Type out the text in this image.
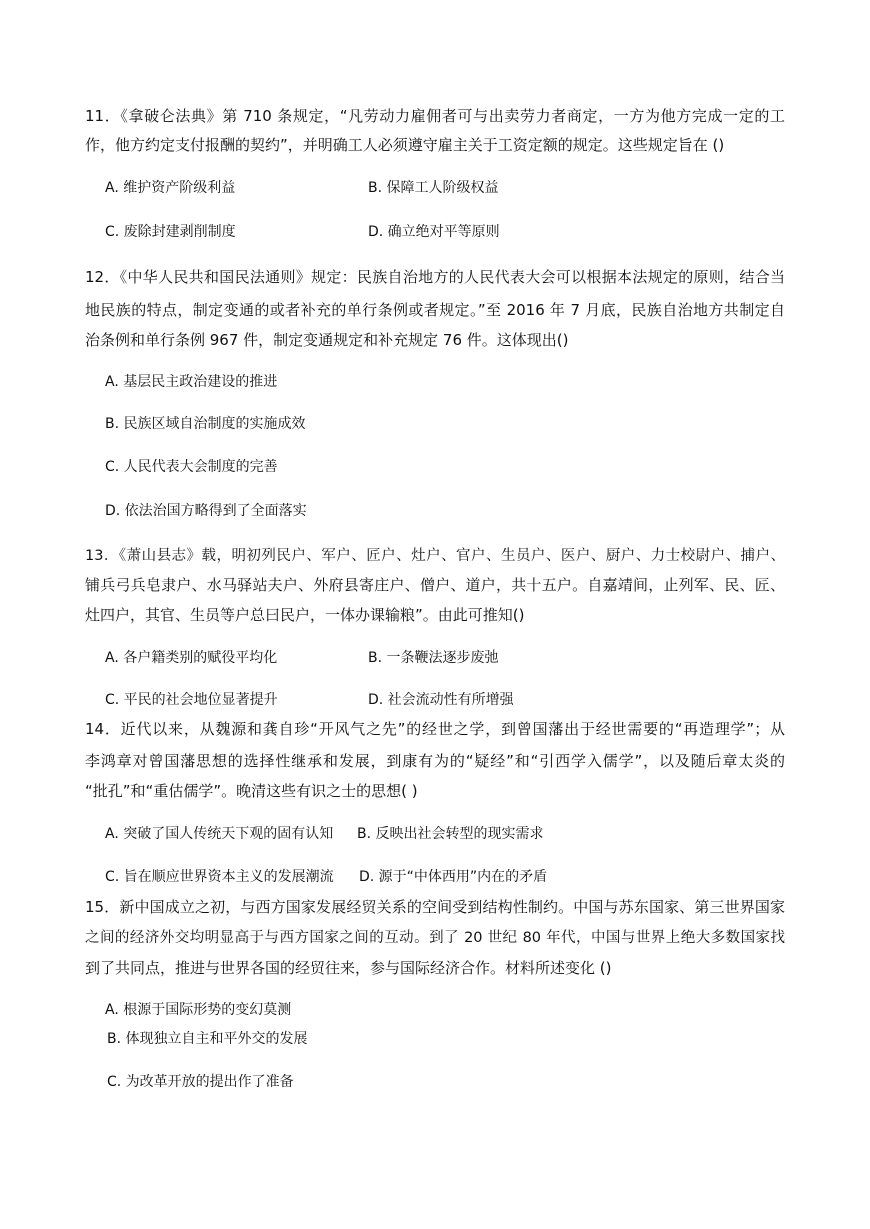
11．《拿破仑法典》第 710 条规定，“凡劳动力雇佣者可与出卖劳力者商定，一方为他方完成一定的工
作，他方约定支付报酬的契约”，并明确工人必须遵守雇主关于工资定额的规定。这些规定旨在 ()
A. 维护资产阶级利益	B. 保障工人阶级权益
C. 废除封建剥削制度	D. 确立绝对平等原则
12．《中华人民共和国民法通则》规定：民族自治地方的人民代表大会可以根据本法规定的原则，结合当
地民族的特点，制定变通的或者补充的单行条例或者规定。”至 2016 年 7 月底，民族自治地方共制定自
治条例和单行条例 967 件，制定变通规定和补充规定 76 件。这体现出()
A. 基层民主政治建设的推进
B. 民族区域自治制度的实施成效
C. 人民代表大会制度的完善
D. 依法治国方略得到了全面落实
13．《萧山县志》载，明初列民户、军户、匠户、灶户、官户、生员户、医户、厨户、力士校尉户、捕户、
铺兵弓兵皂隶户、水马驿站夫户、外府县寄庄户、僧户、道户，共十五户。自嘉靖间，止列军、民、匠、
灶四户，其官、生员等户总曰民户，一体办课输粮”。由此可推知()
A. 各户籍类别的赋役平均化	B. 一条鞭法逐步废弛
C. 平民的社会地位显著提升	D. 社会流动性有所增强
14．近代以来，从魏源和龚自珍“开风气之先”的经世之学，到曾国藩出于经世需要的“再造理学”；从
李鸿章对曾国藩思想的选择性继承和发展，到康有为的“疑经”和“引西学入儒学”，以及随后章太炎的
“批孔”和“重估儒学”。晚清这些有识之士的思想( )
A. 突破了国人传统天下观的固有认知 B. 反映出社会转型的现实需求
C. 旨在顺应世界资本主义的发展潮流 D. 源于“中体西用”内在的矛盾
15．新中国成立之初，与西方国家发展经贸关系的空间受到结构性制约。中国与苏东国家、第三世界国家
之间的经济外交均明显高于与西方国家之间的互动。到了 20 世纪 80 年代，中国与世界上绝大多数国家找
到了共同点，推进与世界各国的经贸往来，参与国际经济合作。材料所述变化 ()
A. 根源于国际形势的变幻莫测
B. 体现独立自主和平外交的发展
C. 为改革开放的提出作了准备
